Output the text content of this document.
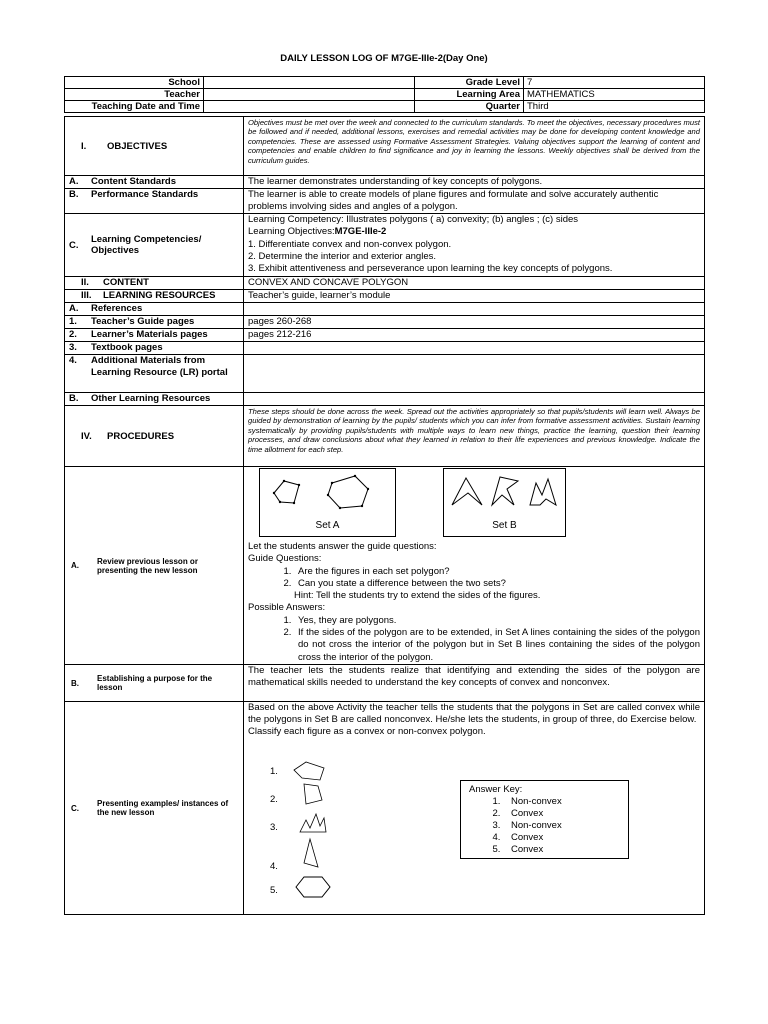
DAILY LESSON LOG OF M7GE-IIIe-2(Day One)
School		Grade Level	7
Teacher		Learning Area	MATHEMATICS
Teaching Date and Time		Quarter	Third
I.	OBJECTIVES
Objectives must be met over the week and connected to the curriculum standards. To meet the objectives, necessary procedures must be followed and if needed, additional lessons, exercises and remedial activities may be done for developing content knowledge and competencies. These are assessed using Formative Assessment Strategies. Valuing objectives support the learning of content and competencies and enable children to find significance and joy in learning the lessons. Weekly objectives shall be derived from the curriculum guides.
A.	Content Standards	The learner demonstrates understanding of key concepts of polygons.
B.	Performance Standards	The learner is able to create models of plane figures and formulate and solve accurately authentic problems involving sides and angles of a polygon.
C.	Learning Competencies/ Objectives
Learning Competency: Illustrates polygons ( a) convexity; (b) angles ; (c) sides
Learning Objectives:M7GE-IIIe-2
1. Differentiate convex and non-convex polygon.
2. Determine the interior and exterior angles.
3. Exhibit attentiveness and perseverance upon learning the key concepts of polygons.
II.	CONTENT	CONVEX AND CONCAVE POLYGON
III.	LEARNING RESOURCES	Teacher’s guide, learner’s module
A.	References
1.	Teacher’s Guide pages	pages 260-268
2.	Learner’s Materials pages	pages 212-216
3.	Textbook pages
4.	Additional Materials from Learning Resource (LR) portal
B.	Other Learning Resources
IV.	PROCEDURES
These steps should be done across the week. Spread out the activities appropriately so that pupils/students will learn well. Always be guided by demonstration of learning by the pupils/ students which you can infer from formative assessment activities. Sustain learning systematically by providing pupils/students with multiple ways to learn new things, practice the learning, question their learning processes, and draw conclusions about what they learned in relation to their life experiences and previous knowledge. Indicate the time allotment for each step.
A.	Review previous lesson or presenting the new lesson
Set A	Set B
Let the students answer the guide questions:
Guide Questions:
1. Are the figures in each set polygon?
2. Can you state a difference between the two sets?
Hint: Tell the students try to extend the sides of the figures.
Possible Answers:
1. Yes, they are polygons.
2. If the sides of the polygon are to be extended, in Set A lines containing the sides of the polygon do not cross the interior of the polygon but in Set B lines containing the sides of the polygon cross the interior of the polygon.
B.	Establishing a purpose for the lesson
The teacher lets the students realize that identifying and extending the sides of the polygon are mathematical skills needed to understand the key concepts of convex and nonconvex.
C.	Presenting examples/ instances of the new lesson
Based on the above Activity the teacher tells the students that the polygons in Set are called convex while the polygons in Set B are called nonconvex. He/she lets the students, in group of three, do Exercise below.
Classify each figure as a convex or non-convex polygon.
1.
2.
3.
4.
5.
Answer Key:
1. Non-convex
2. Convex
3. Non-convex
4. Convex
5. Convex
